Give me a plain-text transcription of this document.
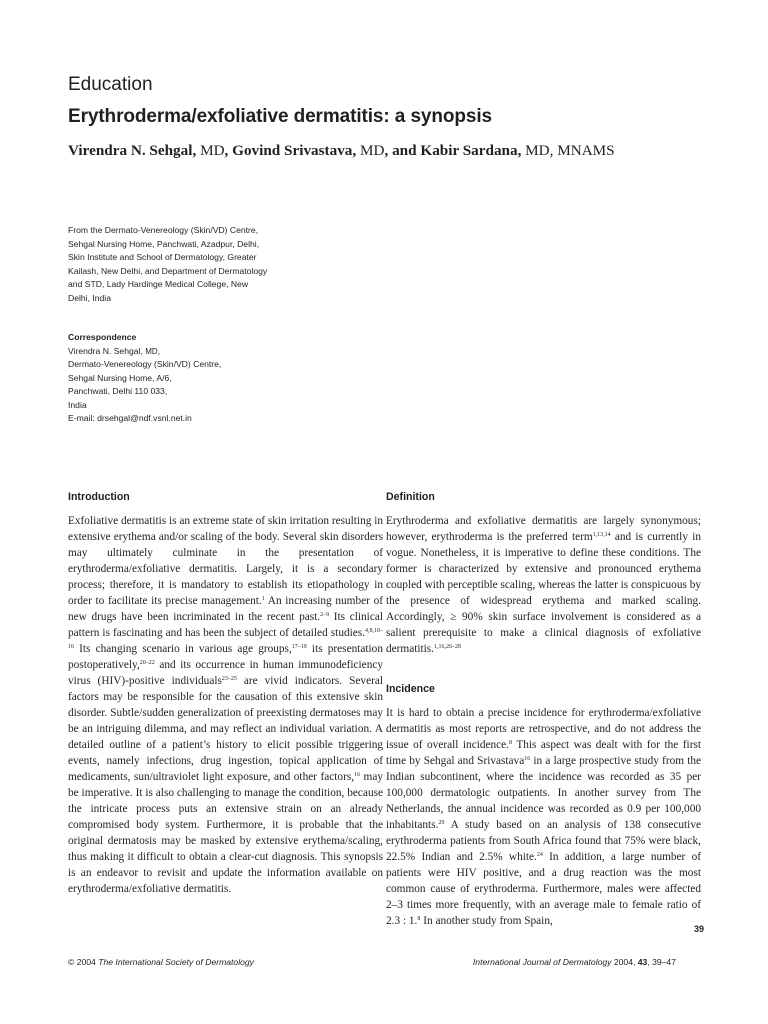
Education
Erythroderma/exfoliative dermatitis: a synopsis
Virendra N. Sehgal, MD, Govind Srivastava, MD, and Kabir Sardana, MD, MNAMS
From the Dermato-Venereology (Skin/VD) Centre, Sehgal Nursing Home, Panchwati, Azadpur, Delhi, Skin Institute and School of Dermatology, Greater Kailash, New Delhi, and Department of Dermatology and STD, Lady Hardinge Medical College, New Delhi, India
Correspondence
Virendra N. Sehgal, MD,
Dermato-Venereology (Skin/VD) Centre,
Sehgal Nursing Home, A/6,
Panchwati, Delhi 110 033,
India
E-mail: drsehgal@ndf.vsnl.net.in
Introduction

Exfoliative dermatitis is an extreme state of skin irritation resulting in extensive erythema and/or scaling of the body. Several skin disorders may ultimately culminate in the presentation of erythroderma/exfoliative dermatitis. Largely, it is a secondary process; therefore, it is mandatory to establish its etiopathology in order to facilitate its precise management.$^1$ An increasing number of new drugs have been incriminated in the recent past.$^{2-9}$ Its clinical pattern is fascinating and has been the subject of detailed studies.$^{4,8,10-16}$ Its changing scenario in various age groups,$^{17-19}$ its presentation postoperatively,$^{20-22}$ and its occurrence in human immunodeficiency virus (HIV)-positive individuals$^{23-25}$ are vivid indicators. Several factors may be responsible for the causation of this extensive skin disorder. Subtle/sudden generalization of preexisting dermatoses may be an intriguing dilemma, and may reflect an individual variation. A detailed outline of a patient’s history to elicit possible triggering events, namely infections, drug ingestion, topical application of medicaments, sun/ultraviolet light exposure, and other factors,$^{16}$ may be imperative. It is also challenging to manage the condition, because the intricate process puts an extensive strain on an already compromised body system. Furthermore, it is probable that the original dermatosis may be masked by extensive erythema/scaling, thus making it difficult to obtain a clear-cut diagnosis. This synopsis is an endeavor to revisit and update the information available on erythroderma/exfoliative dermatitis.

Definition

Erythroderma and exfoliative dermatitis are largely synonymous; however, erythroderma is the preferred term$^{1,13,14}$ and is currently in vogue. Nonetheless, it is imperative to define these conditions. The former is characterized by extensive and pronounced erythema coupled with perceptible scaling, whereas the latter is conspicuous by the presence of widespread erythema and marked scaling. Accordingly, ≥ 90% skin surface involvement is considered as a salient prerequisite to make a clinical diagnosis of exfoliative dermatitis.$^{1,16,26-28}$

Incidence

It is hard to obtain a precise incidence for erythroderma/exfoliative dermatitis as most reports are retrospective, and do not address the issue of overall incidence.$^8$ This aspect was dealt with for the first time by Sehgal and Srivastava$^{16}$ in a large prospective study from the Indian subcontinent, where the incidence was recorded as 35 per 100,000 dermatologic outpatients. In another survey from The Netherlands, the annual incidence was recorded as 0.9 per 100,000 inhabitants.$^{29}$ A study based on an analysis of 138 consecutive erythroderma patients from South Africa found that 75% were black, 22.5% Indian and 2.5% white.$^{24}$ In addition, a large number of patients were HIV positive, and a drug reaction was the most common cause of erythroderma. Furthermore, males were affected 2–3 times more frequently, with an average male to female ratio of 2.3 : 1.$^8$ In another study from Spain,

39
© 2004 The International Society of Dermatology	International Journal of Dermatology 2004, 43, 39–47
